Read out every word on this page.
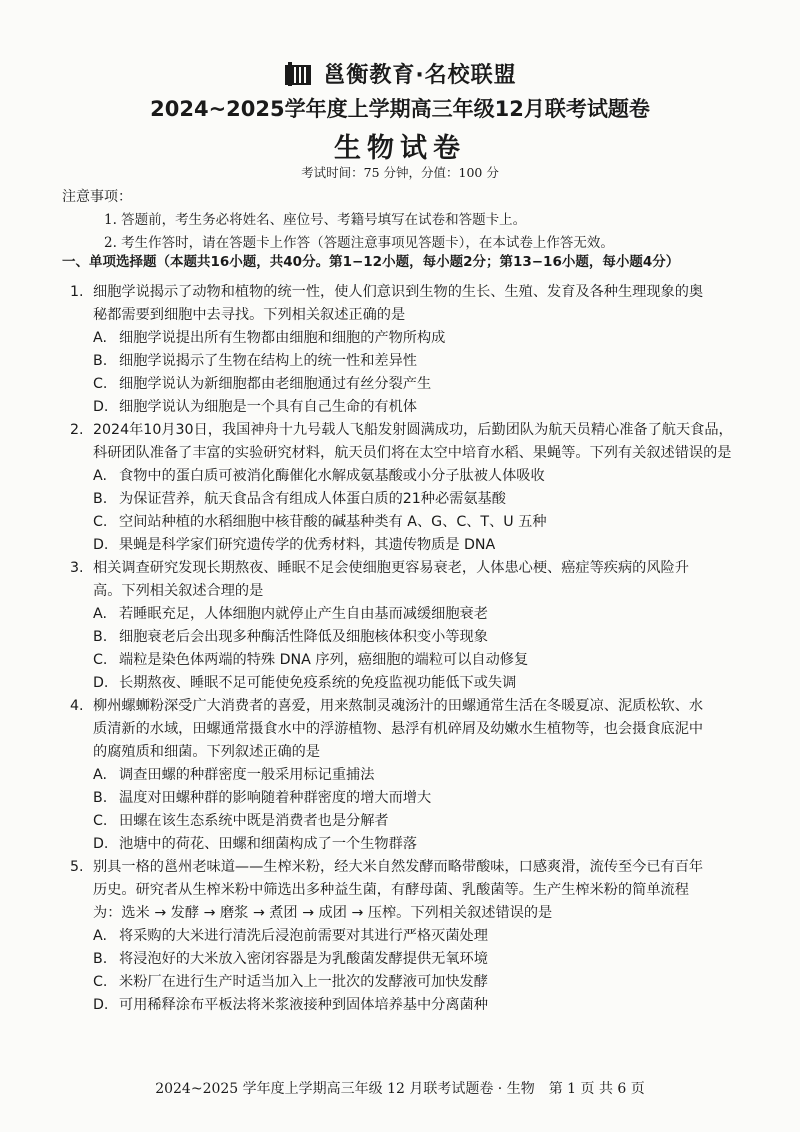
邕衡教育·名校联盟
2024~2025学年度上学期高三年级12月联考试题卷
生物试卷
考试时间：75 分钟，分值：100 分
注意事项：
1. 答题前，考生务必将姓名、座位号、考籍号填写在试卷和答题卡上。
2. 考生作答时，请在答题卡上作答（答题注意事项见答题卡），在本试卷上作答无效。
一、单项选择题（本题共16小题，共40分。第1−12小题，每小题2分；第13−16小题，每小题4分）
1. 细胞学说揭示了动物和植物的统一性，使人们意识到生物的生长、生殖、发育及各种生理现象的奥
秘都需要到细胞中去寻找。下列相关叙述正确的是
A. 细胞学说提出所有生物都由细胞和细胞的产物所构成
B. 细胞学说揭示了生物在结构上的统一性和差异性
C. 细胞学说认为新细胞都由老细胞通过有丝分裂产生
D. 细胞学说认为细胞是一个具有自己生命的有机体
2. 2024年10月30日，我国神舟十九号载人飞船发射圆满成功，后勤团队为航天员精心准备了航天食品，
科研团队准备了丰富的实验研究材料，航天员们将在太空中培育水稻、果蝇等。下列有关叙述错误的是
A. 食物中的蛋白质可被消化酶催化水解成氨基酸或小分子肽被人体吸收
B. 为保证营养，航天食品含有组成人体蛋白质的21种必需氨基酸
C. 空间站种植的水稻细胞中核苷酸的碱基种类有 A、G、C、T、U 五种
D. 果蝇是科学家们研究遗传学的优秀材料，其遗传物质是 DNA
3. 相关调查研究发现长期熬夜、睡眠不足会使细胞更容易衰老，人体患心梗、癌症等疾病的风险升
高。下列相关叙述合理的是
A. 若睡眠充足，人体细胞内就停止产生自由基而减缓细胞衰老
B. 细胞衰老后会出现多种酶活性降低及细胞核体积变小等现象
C. 端粒是染色体两端的特殊 DNA 序列，癌细胞的端粒可以自动修复
D. 长期熬夜、睡眠不足可能使免疫系统的免疫监视功能低下或失调
4. 柳州螺蛳粉深受广大消费者的喜爱，用来熬制灵魂汤汁的田螺通常生活在冬暖夏凉、泥质松软、水
质清新的水域，田螺通常摄食水中的浮游植物、悬浮有机碎屑及幼嫩水生植物等，也会摄食底泥中
的腐殖质和细菌。下列叙述正确的是
A. 调查田螺的种群密度一般采用标记重捕法
B. 温度对田螺种群的影响随着种群密度的增大而增大
C. 田螺在该生态系统中既是消费者也是分解者
D. 池塘中的荷花、田螺和细菌构成了一个生物群落
5. 别具一格的邕州老味道——生榨米粉，经大米自然发酵而略带酸味，口感爽滑，流传至今已有百年
历史。研究者从生榨米粉中筛选出多种益生菌，有酵母菌、乳酸菌等。生产生榨米粉的简单流程
为：选米 → 发酵 → 磨浆 → 煮团 → 成团 → 压榨。下列相关叙述错误的是
A. 将采购的大米进行清洗后浸泡前需要对其进行严格灭菌处理
B. 将浸泡好的大米放入密闭容器是为乳酸菌发酵提供无氧环境
C. 米粉厂在进行生产时适当加入上一批次的发酵液可加快发酵
D. 可用稀释涂布平板法将米浆液接种到固体培养基中分离菌种
2024~2025 学年度上学期高三年级 12 月联考试题卷 · 生物　第 1 页 共 6 页
